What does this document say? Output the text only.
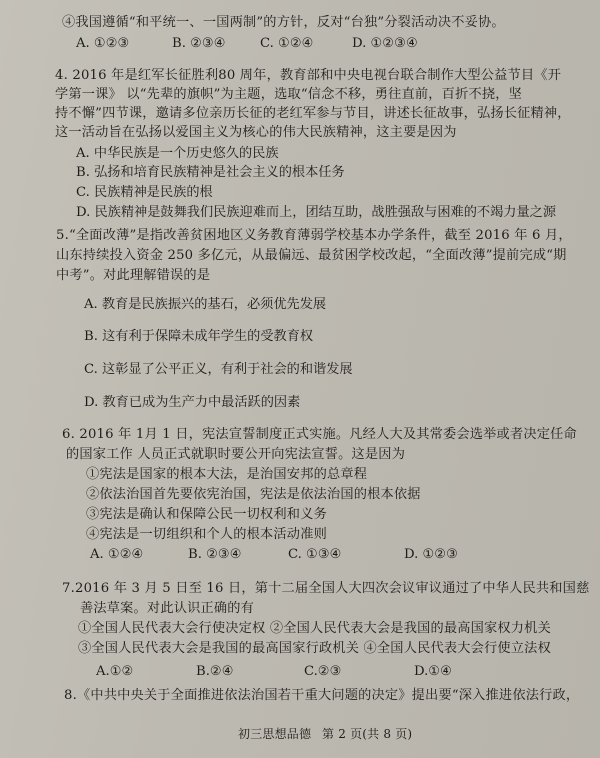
④我国遵循“和平统一、一国两制”的方针，反对“台独”分裂活动决不妥协。
A. ①②③	B. ②③④	C. ①②④	D. ①②③④
4. 2016 年是红军长征胜利80 周年，教育部和中央电视台联合制作大型公益节目《开
学第一课》 以“先辈的旗帜”为主题，选取“信念不移，勇往直前，百折不挠，坚
持不懈”四节课，邀请多位亲历长征的老红军参与节目，讲述长征故事，弘扬长征精神，
这一活动旨在弘扬以爱国主义为核心的伟大民族精神，这主要是因为
A. 中华民族是一个历史悠久的民族
B. 弘扬和培育民族精神是社会主义的根本任务
C. 民族精神是民族的根
D. 民族精神是鼓舞我们民族迎难而上，团结互助，战胜强敌与困难的不竭力量之源
5.“全面改薄”是指改善贫困地区义务教育薄弱学校基本办学条件，截至 2016 年 6 月，
山东持续投入资金 250 多亿元，从最偏远、最贫困学校改起，“全面改薄”提前完成“期
中考”。对此理解错误的是
A. 教育是民族振兴的基石，必须优先发展
B. 这有利于保障未成年学生的受教育权
C. 这彰显了公平正义，有利于社会的和谐发展
D. 教育已成为生产力中最活跃的因素
6. 2016 年 1月 1 日，宪法宣誓制度正式实施。凡经人大及其常委会选举或者决定任命
的国家工作 人员正式就职时要公开向宪法宣誓。这是因为
①宪法是国家的根本大法，是治国安邦的总章程
②依法治国首先要依宪治国，宪法是依法治国的根本依据
③宪法是确认和保障公民一切权利和义务
④宪法是一切组织和个人的根本活动准则
A. ①②④	B. ②③④	C. ①③④	D. ①②③
7.2016 年 3 月 5 日至 16 日，第十二届全国人大四次会议审议通过了中华人民共和国慈
善法草案。对此认识正确的有
①全国人民代表大会行使决定权 ②全国人民代表大会是我国的最高国家权力机关
③全国人民代表大会是我国的最高国家行政机关 ④全国人民代表大会行使立法权
A.①②	B.②④	C.②③	D.①④
8.《中共中央关于全面推进依法治国若干重大问题的决定》提出要“深入推进依法行政，
初三思想品德 第 2 页(共 8 页)
